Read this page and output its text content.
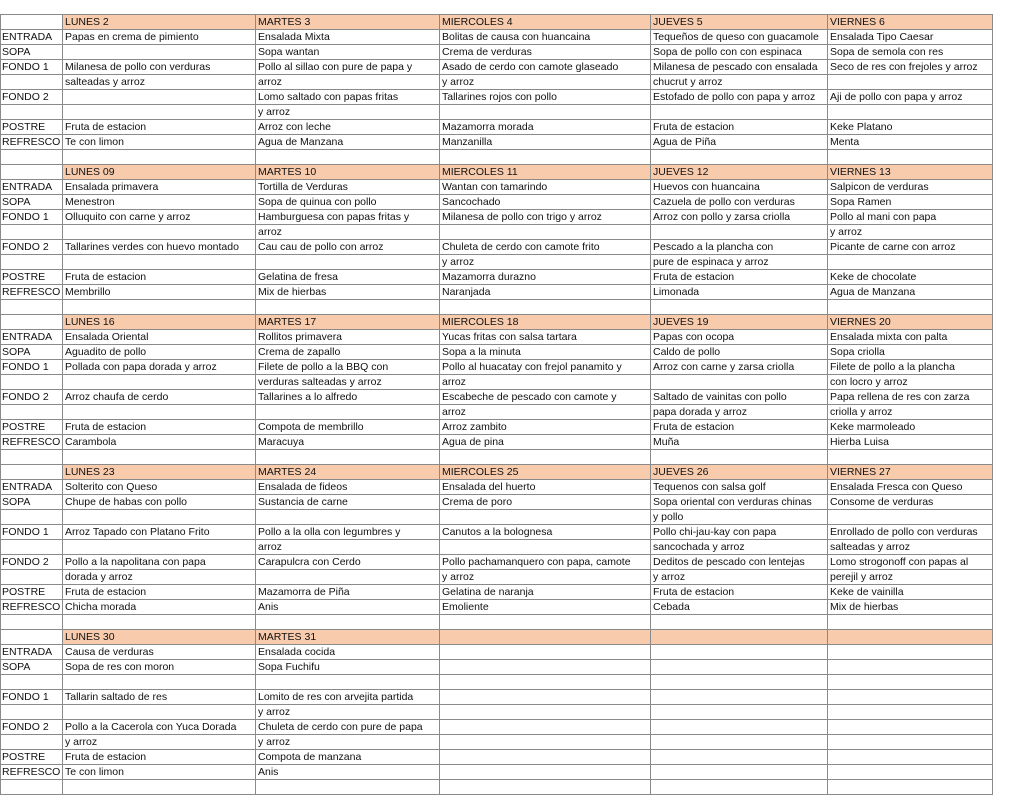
	LUNES 2	MARTES 3	MIERCOLES 4	JUEVES 5	VIERNES 6
ENTRADA	Papas en crema de pimiento	Ensalada Mixta	Bolitas de causa con huancaina	Tequeños de queso con guacamole	Ensalada Tipo Caesar
SOPA		Sopa wantan	Crema de verduras	Sopa de pollo con con espinaca	Sopa de semola con res
FONDO 1	Milanesa de pollo con verduras	Pollo al sillao con pure de papa y	Asado de cerdo con camote glaseado	Milanesa de pescado con ensalada	Seco de res con frejoles y arroz
	salteadas y arroz	arroz	y arroz	chucrut y arroz	
FONDO 2		Lomo saltado con papas fritas	Tallarines rojos con pollo	Estofado de pollo con papa y arroz	Aji de pollo con papa y arroz
		y arroz			
POSTRE	Fruta de estacion	Arroz con leche	Mazamorra morada	Fruta de estacion	Keke Platano
REFRESCO	Te con limon	Agua de Manzana	Manzanilla	Agua de Piña	Menta

	LUNES 09	MARTES 10	MIERCOLES 11	JUEVES 12	VIERNES 13
ENTRADA	Ensalada primavera	Tortilla de Verduras	Wantan con tamarindo	Huevos con huancaina	Salpicon de verduras
SOPA	Menestron	Sopa de quinua con pollo	Sancochado	Cazuela de pollo con verduras	Sopa Ramen
FONDO 1	Olluquito con carne y arroz	Hamburguesa con papas fritas y	Milanesa de pollo con trigo y arroz	Arroz con pollo y zarsa criolla	Pollo al mani con papa
		arroz			y arroz
FONDO 2	Tallarines verdes con huevo montado	Cau cau de pollo con arroz	Chuleta de cerdo con camote frito	Pescado a la plancha con	Picante de carne con arroz
			y arroz	pure de espinaca y arroz	
POSTRE	Fruta de estacion	Gelatina de fresa	Mazamorra durazno	Fruta de estacion	Keke de chocolate
REFRESCO	Membrillo	Mix de hierbas	Naranjada	Limonada	Agua de Manzana

	LUNES 16	MARTES 17	MIERCOLES 18	JUEVES 19	VIERNES 20
ENTRADA	Ensalada Oriental	Rollitos primavera	Yucas fritas con salsa tartara	Papas con ocopa	Ensalada mixta con palta
SOPA	Aguadito de pollo	Crema de zapallo	Sopa a la minuta	Caldo de pollo	Sopa criolla
FONDO 1	Pollada con papa dorada y arroz	Filete de pollo a la BBQ con	Pollo al huacatay con frejol panamito y	Arroz con carne y zarsa criolla	Filete de pollo a la plancha
		verduras salteadas y arroz	arroz		con locro y arroz
FONDO 2	Arroz chaufa de cerdo	Tallarines a lo alfredo	Escabeche de pescado con camote y	Saltado de vainitas con pollo	Papa rellena de res con zarza
			arroz	papa dorada y arroz	criolla y arroz
POSTRE	Fruta de estacion	Compota de membrillo	Arroz zambito	Fruta de estacion	Keke marmoleado
REFRESCO	Carambola	Maracuya	Agua de pina	Muña	Hierba Luisa

	LUNES 23	MARTES 24	MIERCOLES 25	JUEVES 26	VIERNES 27
ENTRADA	Solterito con Queso	Ensalada de fideos	Ensalada del huerto	Tequenos con salsa golf	Ensalada Fresca con Queso
SOPA	Chupe de habas con pollo	Sustancia de carne	Crema de poro	Sopa oriental con verduras chinas	Consome de verduras
				y pollo	
FONDO 1	Arroz Tapado con Platano Frito	Pollo a la olla con legumbres y	Canutos a la bolognesa	Pollo chi-jau-kay con papa	Enrollado de pollo con verduras
		arroz		sancochada y arroz	salteadas y arroz
FONDO 2	Pollo a la napolitana con papa	Carapulcra con Cerdo	Pollo pachamanquero con papa, camote	Deditos de pescado con lentejas	Lomo strogonoff con papas al
	dorada y arroz		y arroz	y arroz	perejil y arroz
POSTRE	Fruta de estacion	Mazamorra de Piña	Gelatina de naranja	Fruta de estacion	Keke de vainilla
REFRESCO	Chicha morada	Anis	Emoliente	Cebada	Mix de hierbas

	LUNES 30	MARTES 31			
ENTRADA	Causa de verduras	Ensalada cocida			
SOPA	Sopa de res con moron	Sopa Fuchifu			

FONDO 1	Tallarin saltado de res	Lomito de res con arvejita partida			
		y arroz			
FONDO 2	Pollo a la Cacerola con Yuca Dorada	Chuleta de cerdo con pure de papa			
	y arroz	y arroz			
POSTRE	Fruta de estacion	Compota de manzana			
REFRESCO	Te con limon	Anis			
